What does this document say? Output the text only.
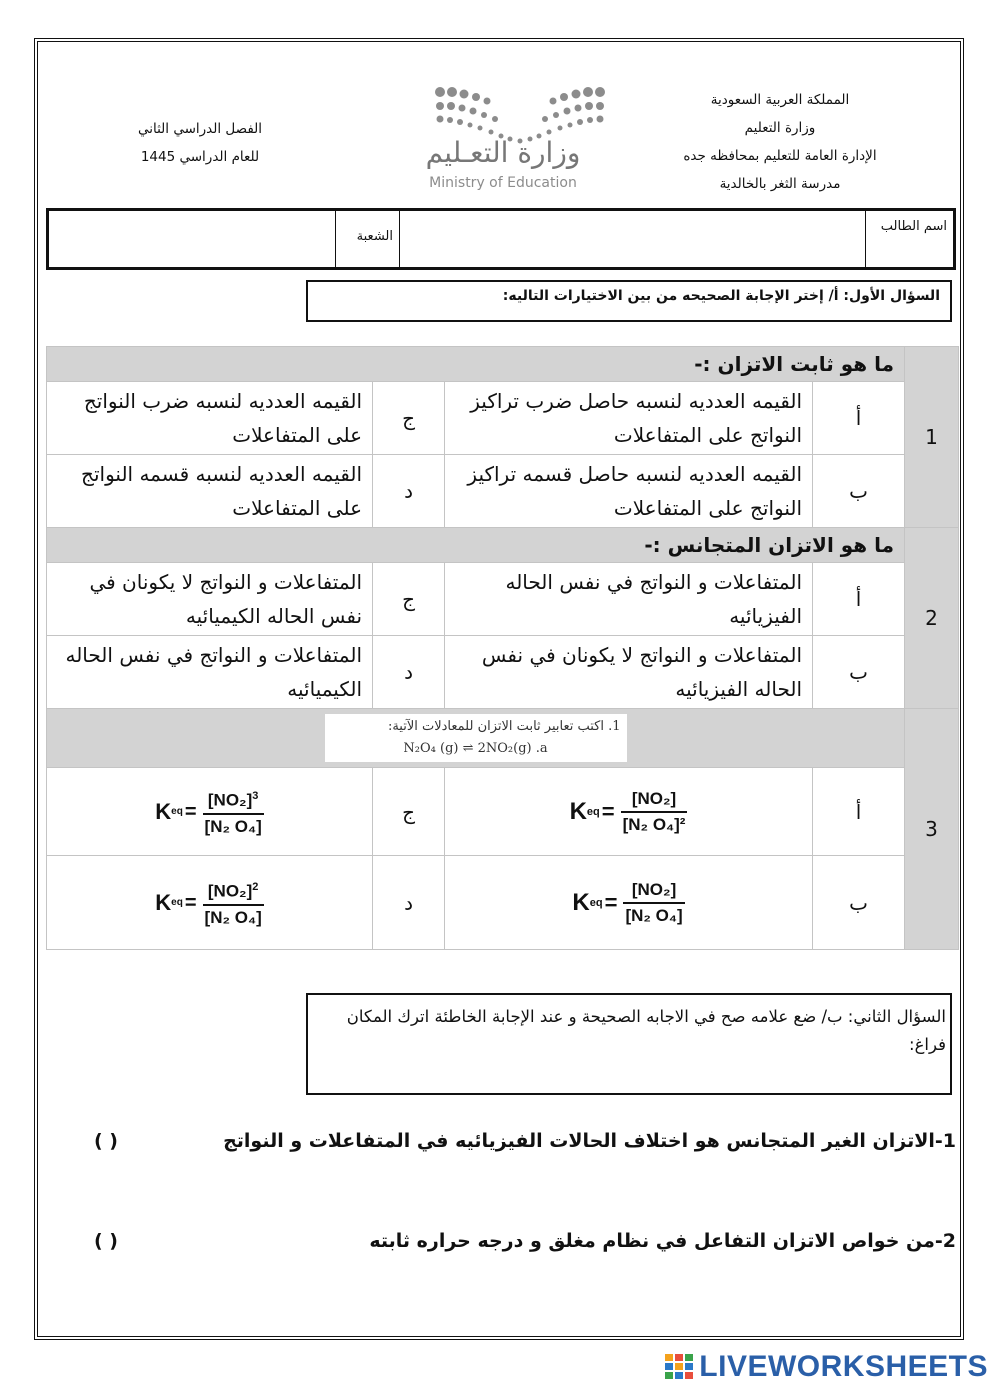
المملكة العربية السعودية
وزارة التعليم
الإدارة العامة للتعليم بمحافظه جده
مدرسة الثغر بالخالدية
وزارة التعـليم
Ministry of Education
الفصل الدراسي الثاني
للعام الدراسي 1445
اسم الطالب
الشعبة
السؤال الأول: أ/ إختر الإجابة الصحيحه من بين الاختيارات التاليه:
1	ما هو ثابت الاتزان :-			
	أ	القيمه العدديه لنسبه حاصل ضرب تراكيز النواتج على المتفاعلات	ج	القيمه العدديه لنسبه ضرب النواتج على المتفاعلات
	ب	القيمه العدديه لنسبه حاصل قسمه تراكيز النواتج على المتفاعلات	د	القيمه العدديه لنسبه قسمه النواتج على المتفاعلات
2	ما هو الاتزان المتجانس :-			
	أ	المتفاعلات و النواتج في نفس الحاله الفيزيائيه	ج	المتفاعلات و النواتج لا يكونان في نفس الحاله الكيميائيه
	ب	المتفاعلات و النواتج لا يكونان في نفس الحاله الفيزيائيه	د	المتفاعلات و النواتج في نفس الحاله الكيميائيه
3	1. اكتب تعابير ثابت الاتزان للمعادلات الآتية:
N₂O₄ (g) ⇌ 2NO₂(g) .a			

	أ	K eq = $\frac{\text{[NO₂]}}{\text{[N₂ O₄]²}}$	ج	K eq = $\frac{[NO_2]^3}{\text{[N₂ O₄]}}$

	ب	K eq = $\frac{\text{[NO₂]}}{\text{[N₂ O₄]}}$	د	K eq = $\frac{[NO_2]^2}{\text{[N₂ O₄]}}$
السؤال الثاني: ب/ ضع علامه صح في الاجابه الصحيحة و عند الإجابة الخاطئة اترك المكان فراغ:
1-الاتزان الغير المتجانس هو اختلاف الحالات الفيزيائيه في المتفاعلات و النواتج
( )
2-من خواص الاتزان التفاعل في نظام مغلق و درجه حراره ثابته
( )
LIVEWORKSHEETS
